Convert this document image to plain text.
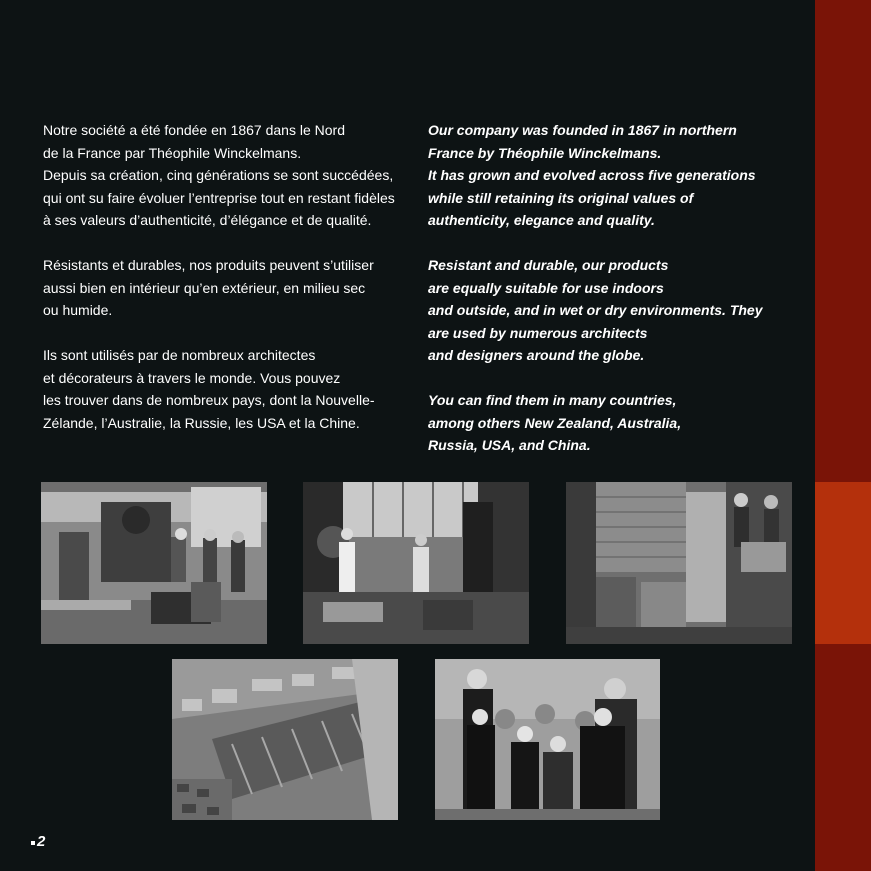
Notre société a été fondée en 1867 dans le Nord
de la France par Théophile Winckelmans.
Depuis sa création, cinq générations se sont succédées,
qui ont su faire évoluer l’entreprise tout en restant fidèles
à ses valeurs d’authenticité, d’élégance et de qualité.

Résistants et durables, nos produits peuvent s’utiliser
aussi bien en intérieur qu’en extérieur, en milieu sec
ou humide.

Ils sont utilisés par de nombreux architectes
et décorateurs à travers le monde. Vous pouvez
les trouver dans de nombreux pays, dont la Nouvelle-
Zélande, l’Australie, la Russie, les USA et la Chine.

Our company was founded in 1867 in northern
France by Théophile Winckelmans.
It has grown and evolved across five generations
while still retaining its original values of
authenticity, elegance and quality.

Resistant and durable, our products
are equally suitable for use indoors
and outside, and in wet or dry environments. They
are used by numerous architects
and designers around the globe.

You can find them in many countries,
among others New Zealand, Australia,
Russia, USA, and China.

2
